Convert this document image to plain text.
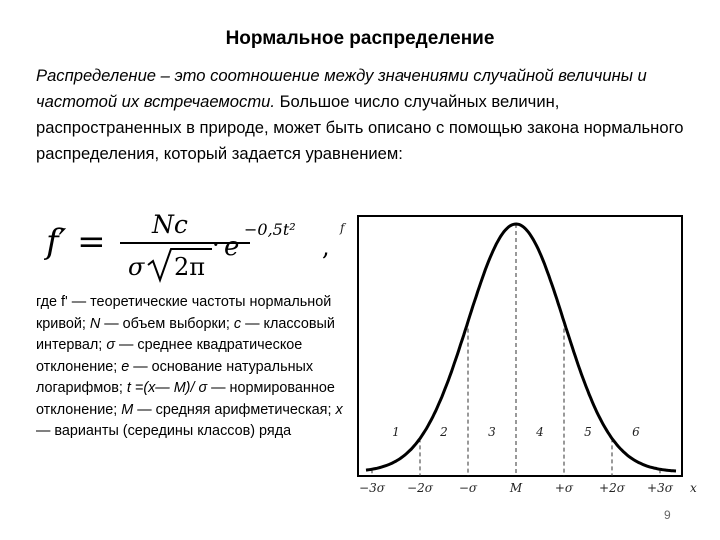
Нормальное распределение
Распределение – это соотношение между значениями случайной величины и частотой их встречаемости. Большое число случайных величин, распространенных в природе, может быть описано с помощью закона нормального распределения, который задается уравнением:
f′ = Nc
σ 2π
· e
−0,5t²
,
где f' — теоретические частоты нормальной кривой; N — объем выборки; с — классовый интервал; σ — среднее квадратическое отклонение; е — основание натуральных логарифмов; t =(x— M)/ σ — нормированное отклонение; М — средняя арифметическая; х — варианты (середины классов) ряда
f
1	2	3	4	5	6
−3σ −2σ −σ	M	+σ +2σ +3σ x
9
